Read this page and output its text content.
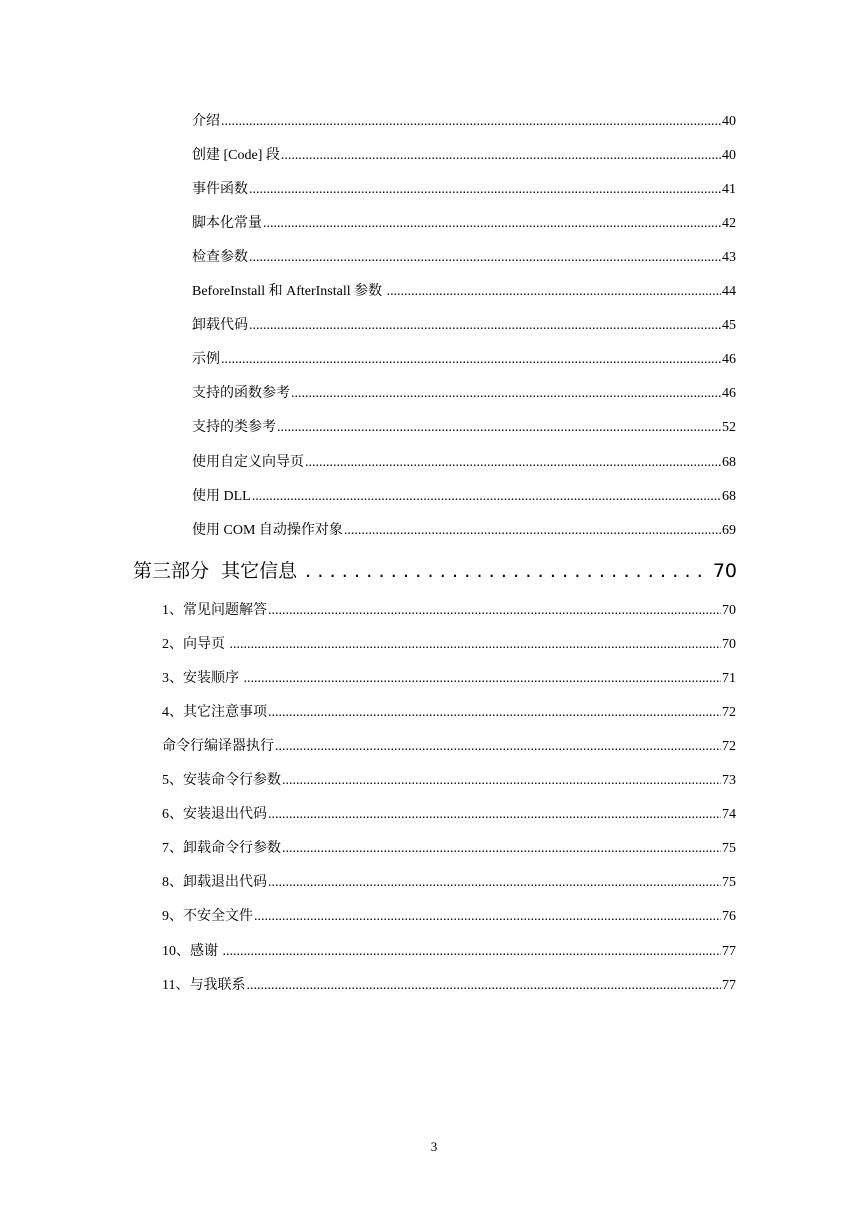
介绍 .....	40
创建 [Code] 段 .....	40
事件函数 .....	41
脚本化常量 .....	42
检查参数 .....	43
BeforeInstall 和 AfterInstall 参数 .....	44
卸载代码 .....	45
示例 .....	46
支持的函数参考 .....	46
支持的类参考 .....	52
使用自定义向导页 .....	68
使用 DLL .....	68
使用 COM 自动操作对象 .....	69
第三部分  其它信息 .....	70
1、常见问题解答 .....	70
2、向导页 .....	70
3、安装顺序 .....	71
4、其它注意事项 .....	72
命令行编译器执行 .....	72
5、安装命令行参数 .....	73
6、安装退出代码 .....	74
7、卸载命令行参数 .....	75
8、卸载退出代码 .....	75
9、不安全文件 .....	76
10、感谢 .....	77
11、与我联系 .....	77
3
